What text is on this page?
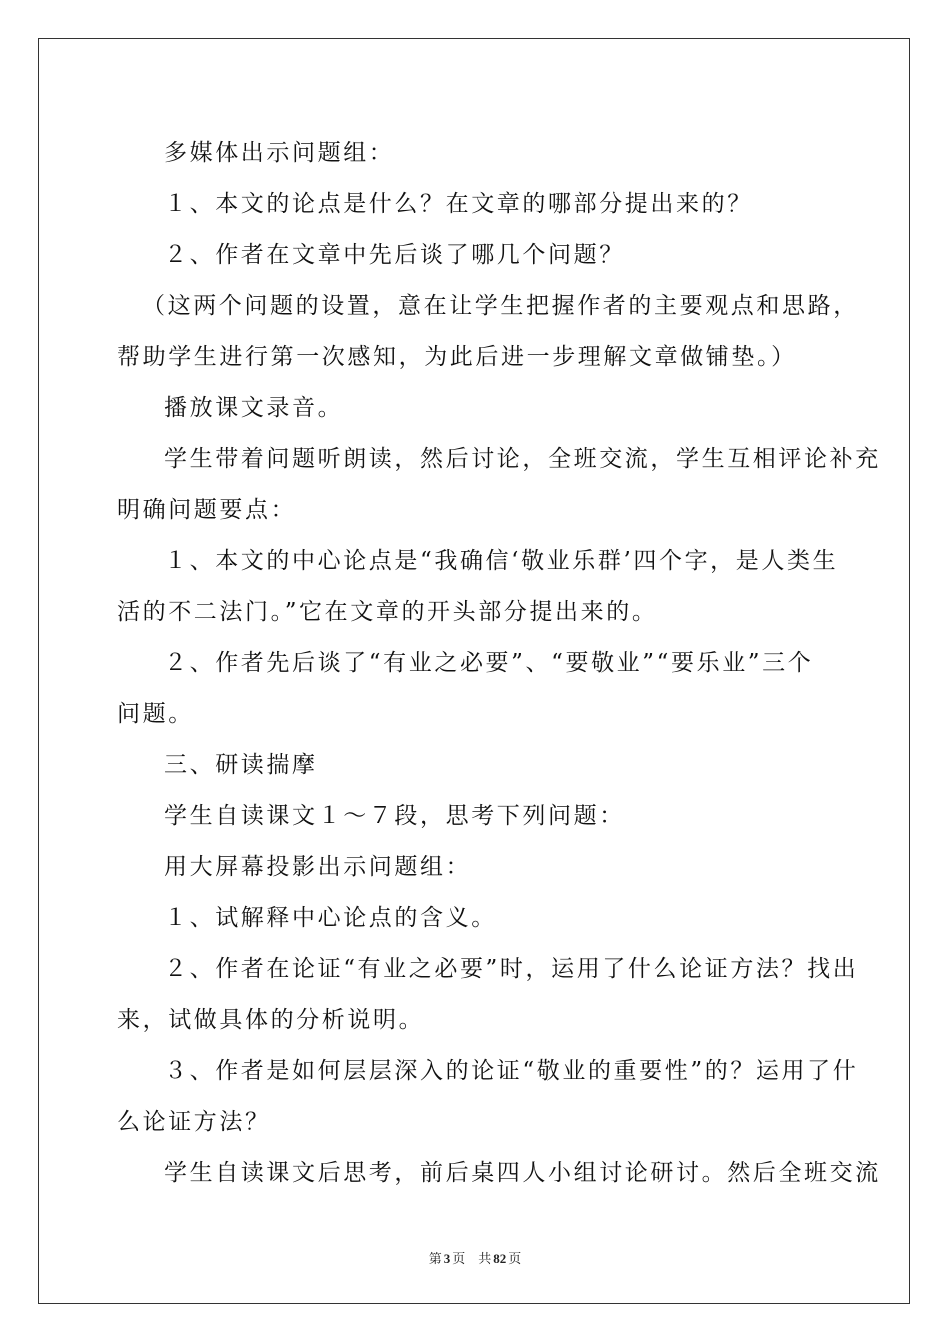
多媒体出示问题组：
１、本文的论点是什么？在文章的哪部分提出来的？
２、作者在文章中先后谈了哪几个问题？
（这两个问题的设置，意在让学生把握作者的主要观点和思路，
帮助学生进行第一次感知，为此后进一步理解文章做铺垫。）
播放课文录音。
学生带着问题听朗读，然后讨论，全班交流，学生互相评论补充
明确问题要点：
１、本文的中心论点是“我确信‘敬业乐群’四个字，是人类生
活的不二法门。”它在文章的开头部分提出来的。
２、作者先后谈了“有业之必要”、“要敬业”“要乐业”三个
问题。
三、研读揣摩
学生自读课文１～７段，思考下列问题：
用大屏幕投影出示问题组：
１、试解释中心论点的含义。
２、作者在论证“有业之必要”时，运用了什么论证方法？找出
来，试做具体的分析说明。
３、作者是如何层层深入的论证“敬业的重要性”的？运用了什
么论证方法？
学生自读课文后思考，前后桌四人小组讨论研讨。然后全班交流
第 3 页 共 82 页
